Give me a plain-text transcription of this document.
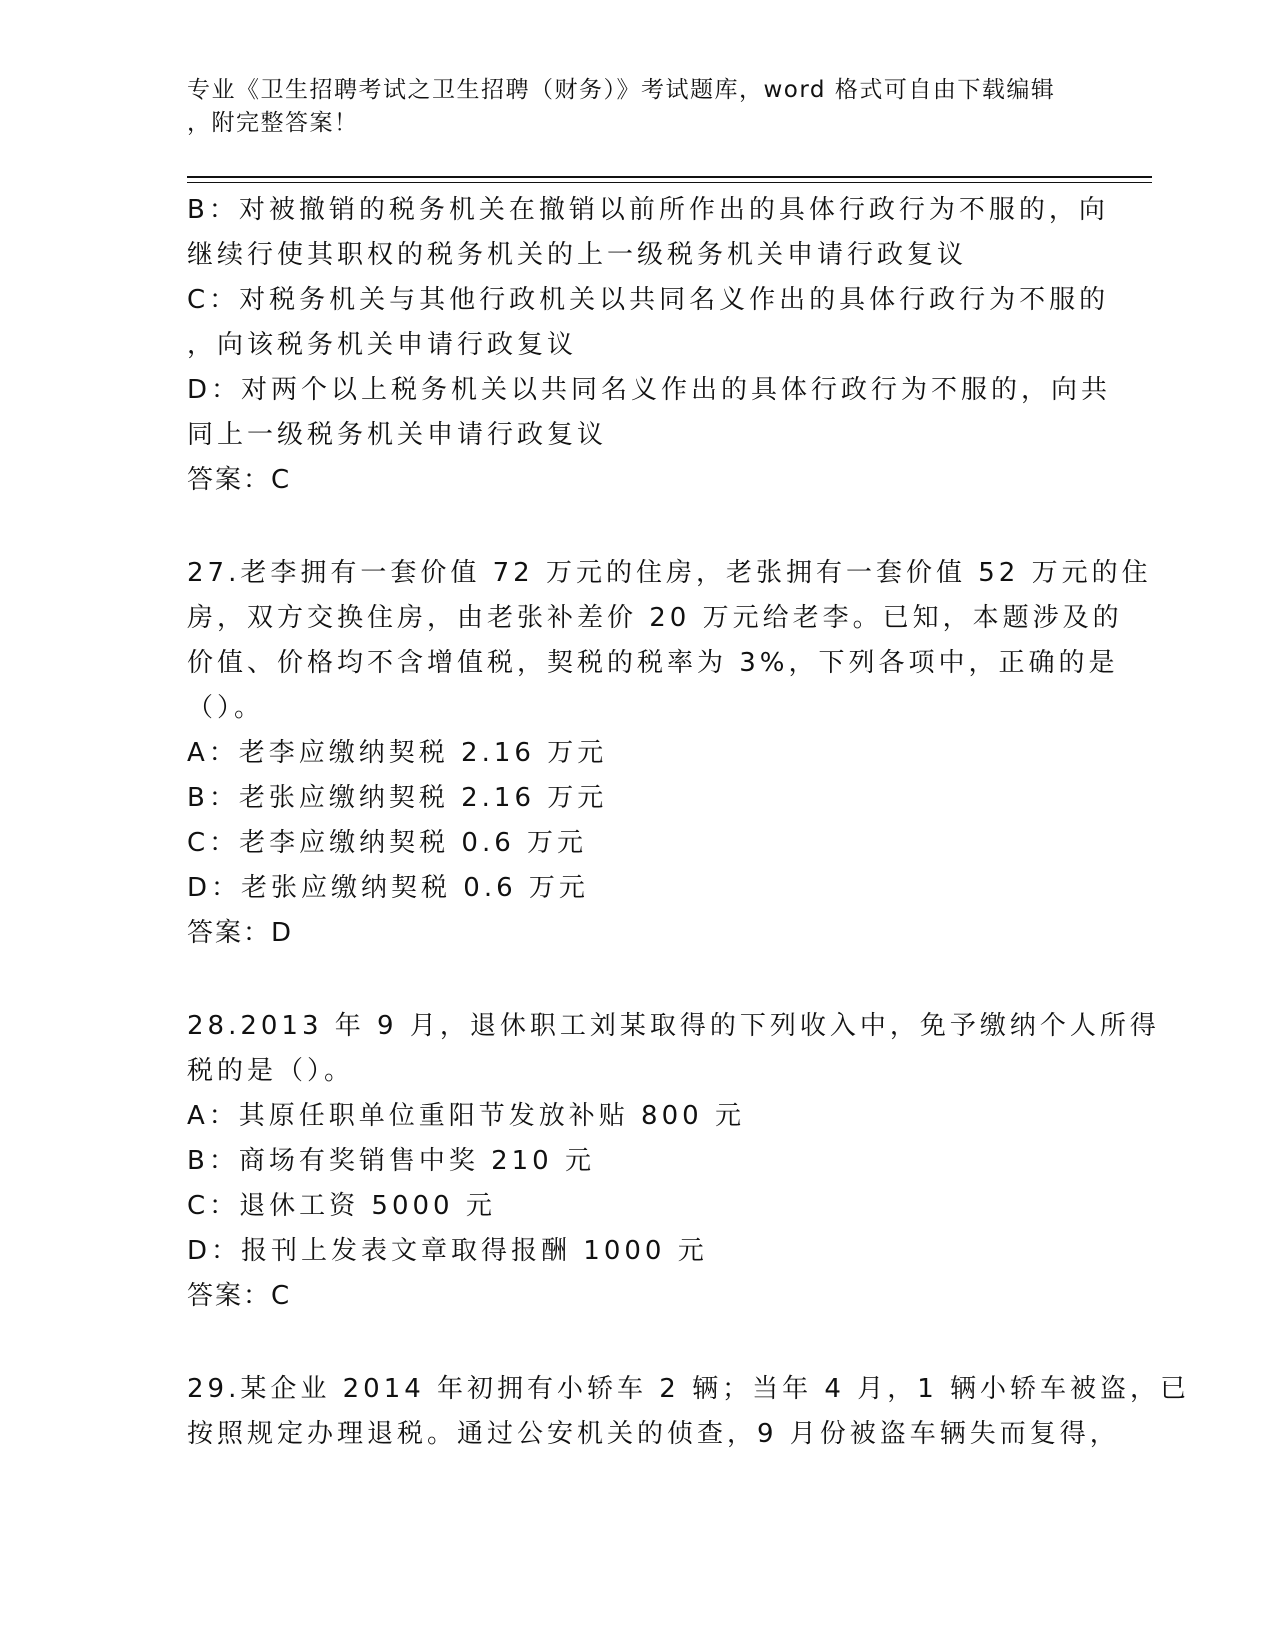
专业《卫生招聘考试之卫生招聘（财务）》考试题库，word 格式可自由下载编辑
，附完整答案！
B：对被撤销的税务机关在撤销以前所作出的具体行政行为不服的，向
继续行使其职权的税务机关的上一级税务机关申请行政复议
C：对税务机关与其他行政机关以共同名义作出的具体行政行为不服的
，向该税务机关申请行政复议
D：对两个以上税务机关以共同名义作出的具体行政行为不服的，向共
同上一级税务机关申请行政复议
答案：C
27.老李拥有一套价值 72 万元的住房，老张拥有一套价值 52 万元的住
房，双方交换住房，由老张补差价 20 万元给老李。已知，本题涉及的
价值、价格均不含增值税，契税的税率为 3%，下列各项中，正确的是
（）。
A：老李应缴纳契税 2.16 万元
B：老张应缴纳契税 2.16 万元
C：老李应缴纳契税 0.6 万元
D：老张应缴纳契税 0.6 万元
答案：D
28.2013 年 9 月，退休职工刘某取得的下列收入中，免予缴纳个人所得
税的是（）。
A：其原任职单位重阳节发放补贴 800 元
B：商场有奖销售中奖 210 元
C：退休工资 5000 元
D：报刊上发表文章取得报酬 1000 元
答案：C
29.某企业 2014 年初拥有小轿车 2 辆；当年 4 月，1 辆小轿车被盗，已
按照规定办理退税。通过公安机关的侦查，9 月份被盗车辆失而复得，
